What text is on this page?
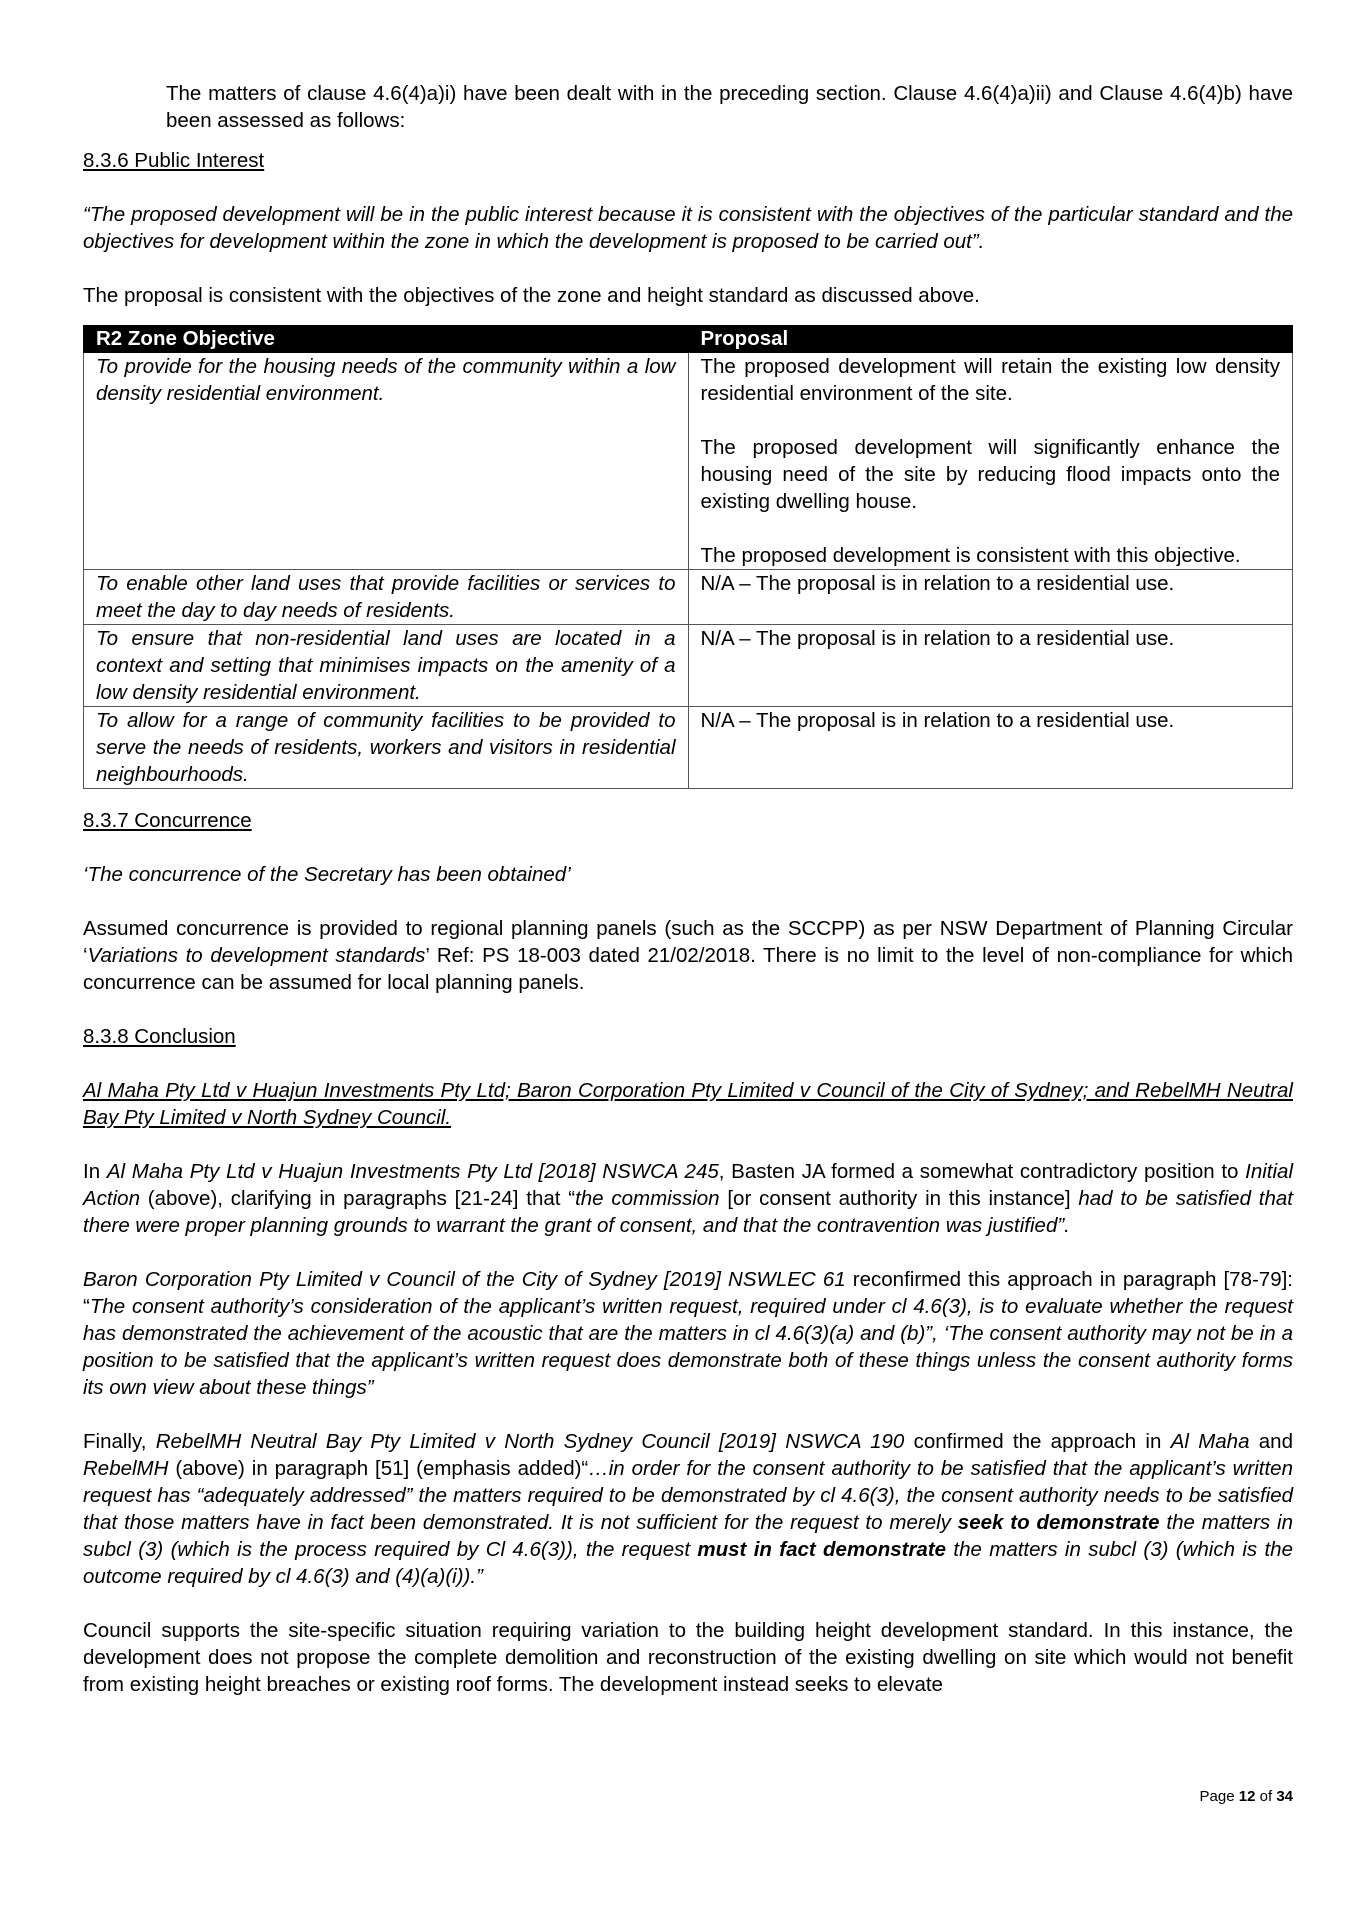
The matters of clause 4.6(4)a)i) have been dealt with in the preceding section. Clause 4.6(4)a)ii) and Clause 4.6(4)b) have been assessed as follows:

8.3.6 Public Interest

“The proposed development will be in the public interest because it is consistent with the objectives of the particular standard and the objectives for development within the zone in which the development is proposed to be carried out”.

The proposal is consistent with the objectives of the zone and height standard as discussed above.

R2 Zone Objective	Proposal
To provide for the housing needs of the community within a low density residential environment.	The proposed development will retain the existing low density residential environment of the site.
The proposed development will significantly enhance the housing need of the site by reducing flood impacts onto the existing dwelling house.
The proposed development is consistent with this objective.

To enable other land uses that provide facilities or services to meet the day to day needs of residents.	N/A – The proposal is in relation to a residential use.
To ensure that non-residential land uses are located in a context and setting that minimises impacts on the amenity of a low density residential environment.	N/A – The proposal is in relation to a residential use.
To allow for a range of community facilities to be provided to serve the needs of residents, workers and visitors in residential neighbourhoods.	N/A – The proposal is in relation to a residential use.

8.3.7 Concurrence

‘The concurrence of the Secretary has been obtained’

Assumed concurrence is provided to regional planning panels (such as the SCCPP) as per NSW Department of Planning Circular ‘Variations to development standards’ Ref: PS 18-003 dated 21/02/2018. There is no limit to the level of non-compliance for which concurrence can be assumed for local planning panels.

8.3.8 Conclusion

Al Maha Pty Ltd v Huajun Investments Pty Ltd; Baron Corporation Pty Limited v Council of the City of Sydney; and RebelMH Neutral Bay Pty Limited v North Sydney Council.

In Al Maha Pty Ltd v Huajun Investments Pty Ltd [2018] NSWCA 245, Basten JA formed a somewhat contradictory position to Initial Action (above), clarifying in paragraphs [21-24] that “the commission [or consent authority in this instance] had to be satisfied that there were proper planning grounds to warrant the grant of consent, and that the contravention was justified”.

Baron Corporation Pty Limited v Council of the City of Sydney [2019] NSWLEC 61 reconfirmed this approach in paragraph [78-79]: “The consent authority’s consideration of the applicant’s written request, required under cl 4.6(3), is to evaluate whether the request has demonstrated the achievement of the acoustic that are the matters in cl 4.6(3)(a) and (b)”, ‘The consent authority may not be in a position to be satisfied that the applicant’s written request does demonstrate both of these things unless the consent authority forms its own view about these things”

Finally, RebelMH Neutral Bay Pty Limited v North Sydney Council [2019] NSWCA 190 confirmed the approach in Al Maha and RebelMH (above) in paragraph [51] (emphasis added)“…in order for the consent authority to be satisfied that the applicant’s written request has “adequately addressed” the matters required to be demonstrated by cl 4.6(3), the consent authority needs to be satisfied that those matters have in fact been demonstrated. It is not sufficient for the request to merely seek to demonstrate the matters in subcl (3) (which is the process required by Cl 4.6(3)), the request must in fact demonstrate the matters in subcl (3) (which is the outcome required by cl 4.6(3) and (4)(a)(i)).”

Council supports the site-specific situation requiring variation to the building height development standard. In this instance, the development does not propose the complete demolition and reconstruction of the existing dwelling on site which would not benefit from existing height breaches or existing roof forms. The development instead seeks to elevate

Page 12 of 34
